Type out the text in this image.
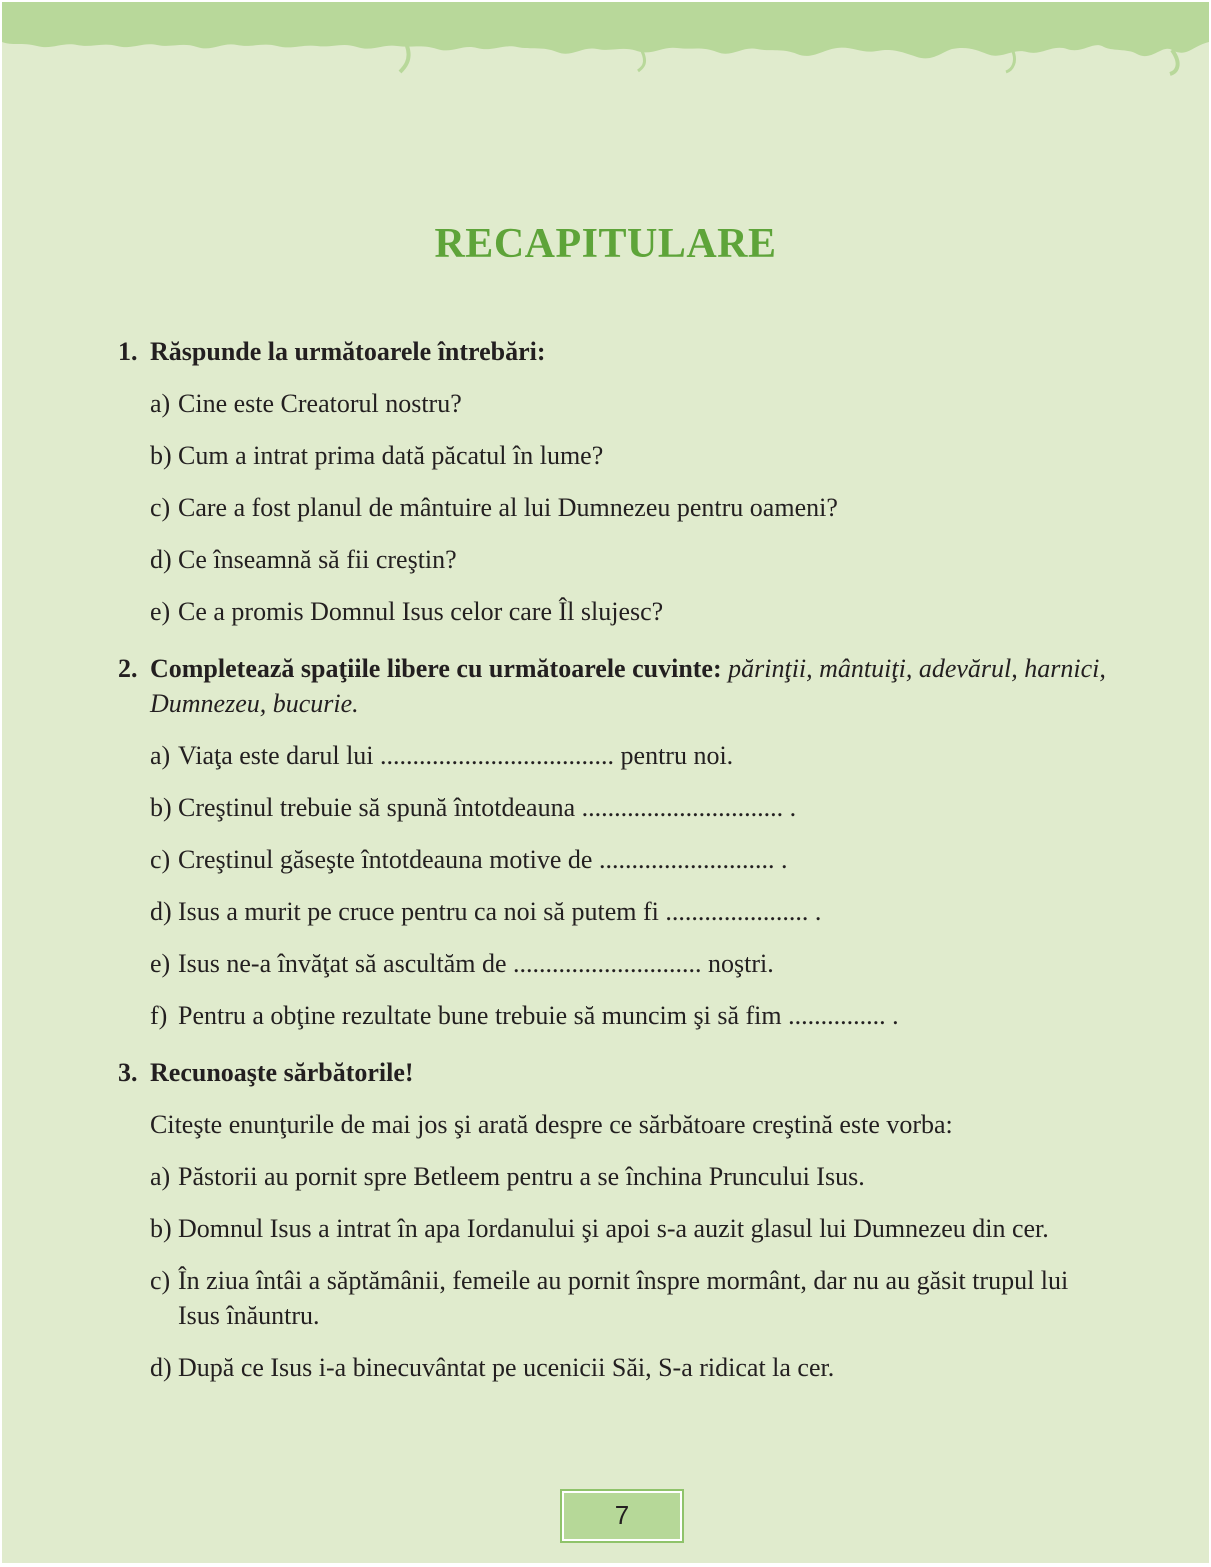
RECAPITULARE
1. Răspunde la următoarele întrebări:
a) Cine este Creatorul nostru?
b) Cum a intrat prima dată păcatul în lume?
c) Care a fost planul de mântuire al lui Dumnezeu pentru oameni?
d) Ce înseamnă să fii creştin?
e) Ce a promis Domnul Isus celor care Îl slujesc?
2. Completează spaţiile libere cu următoarele cuvinte: părinţii, mântuiţi, adevărul, harnici, Dumnezeu, bucurie.
a) Viaţa este darul lui .................................... pentru noi.
b) Creştinul trebuie să spună întotdeauna ............................... .
c) Creştinul găseşte întotdeauna motive de ........................... .
d) Isus a murit pe cruce pentru ca noi să putem fi ...................... .
e) Isus ne-a învăţat să ascultăm de ............................. noştri.
f) Pentru a obţine rezultate bune trebuie să muncim şi să fim ............... .
3. Recunoaşte sărbătorile!
Citeşte enunţurile de mai jos şi arată despre ce sărbătoare creştină este vorba:
a) Păstorii au pornit spre Betleem pentru a se închina Pruncului Isus.
b) Domnul Isus a intrat în apa Iordanului şi apoi s-a auzit glasul lui Dumnezeu din cer.
c) În ziua întâi a săptămânii, femeile au pornit înspre mormânt, dar nu au găsit trupul lui Isus înăuntru.
d) După ce Isus i-a binecuvântat pe ucenicii Săi, S-a ridicat la cer.
7
